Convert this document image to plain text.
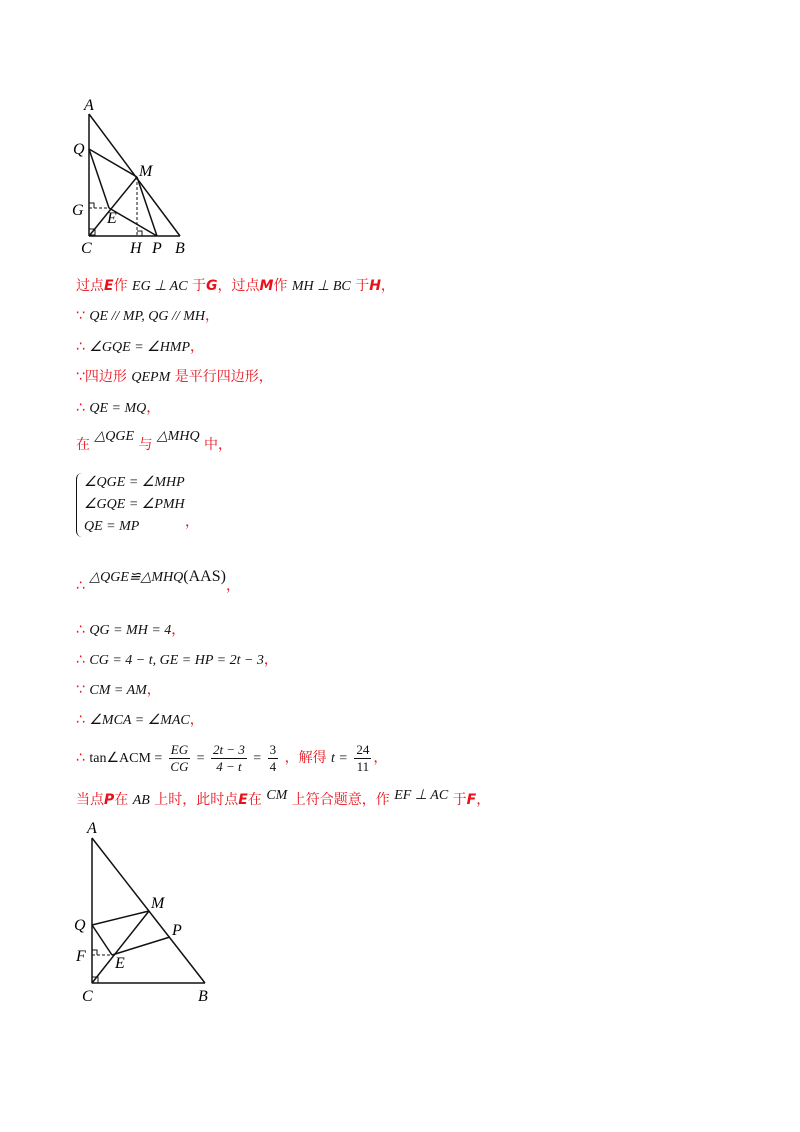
A
Q
M
G E
C H P B
过点E作 EG ⊥ AC 于G，过点M作 MH ⊥ BC 于H，
∵ QE // MP, QG // MH，
∴ ∠GQE = ∠HMP，
∵四边形 QEPM 是平行四边形，
∴ QE = MQ，
在 △QGE 与 △MHQ 中，
∠QGE = ∠MHP
∠GQE = ∠PMH
QE = MP	，
∴ △QGE≌△MHQ(AAS)，
∴ QG = MH = 4，
∴ CG = 4 − t, GE = HP = 2t − 3，
∵ CM = AM，
∴ ∠MCA = ∠MAC，
∴ tan∠ACM = $\frac{EG}{CG} = \frac{2t - 3}{4 - t} = \frac{3}{4}$ ，解得 $t = \frac{24}{11}$ ，
当点P在 AB 上时，此时点E在 CM 上符合题意，作 EF ⊥ AC 于F，
A
M
Q	P
F E
C	B
